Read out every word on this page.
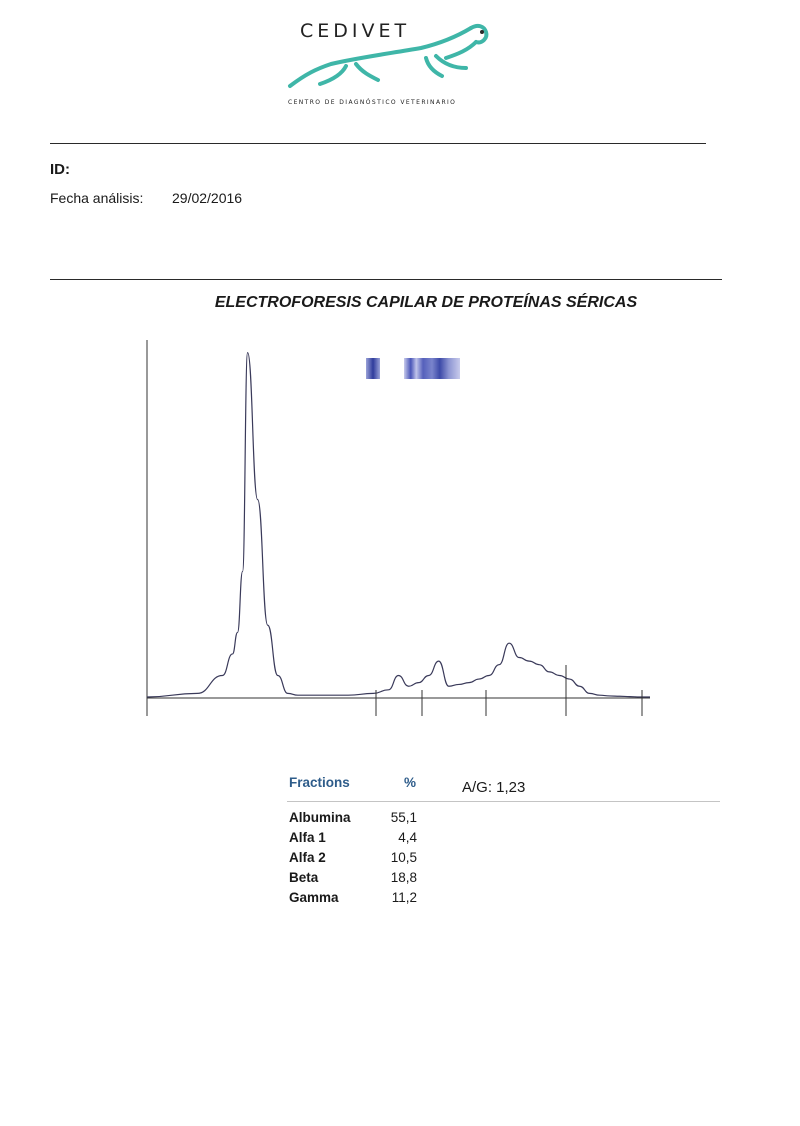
CEDIVET
CENTRO DE DIAGNÓSTICO VETERINARIO
ID:
Fecha análisis: 29/02/2016
ELECTROFORESIS CAPILAR DE PROTEÍNAS SÉRICAS
Fractions	%	A/G: 1,23
Albumina	55,1
Alfa 1	4,4
Alfa 2	10,5
Beta	18,8
Gamma	11,2
